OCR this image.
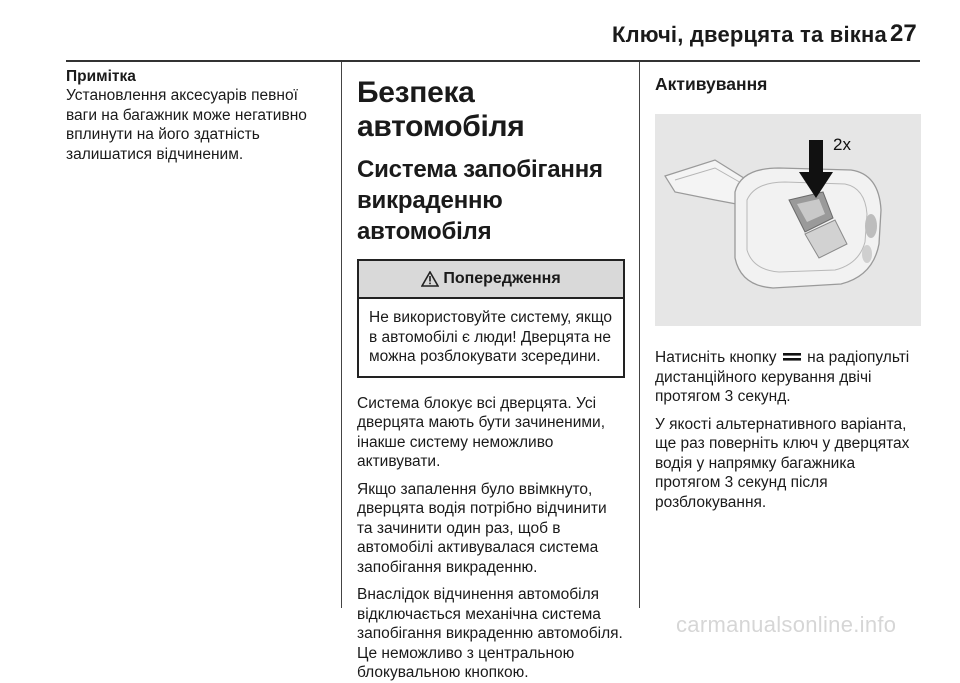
Ключі, дверцята та вікна 27
Примітка

Установлення аксесуарів певної ваги на багажник може негативно вплинути на його здатність залишатися відчиненим.

Безпека автомобіля
Система запобігання викраденню автомобіля
Попередження
Не використовуйте систему, якщо в автомобілі є люди! Дверцята не можна розблокувати зсередини.

Система блокує всі дверцята. Усі дверцята мають бути зачиненими, інакше систему неможливо активувати.

Якщо запалення було ввімкнуто, дверцята водія потрібно відчинити та зачинити один раз, щоб в автомобілі активувалася система запобігання викраденню.

Внаслідок відчинення автомобіля відключається механічна система запобігання викраденню автомобіля. Це неможливо з центральною блокувальною кнопкою.

Активування
2x

Натисніть кнопку  на радіопульті дистанційного керування двічі протягом 3 секунд.

У якості альтернативного варіанта, ще раз поверніть ключ у дверцятах водія у напрямку багажника протягом 3 секунд після розблокування.

carmanualsonline.info
